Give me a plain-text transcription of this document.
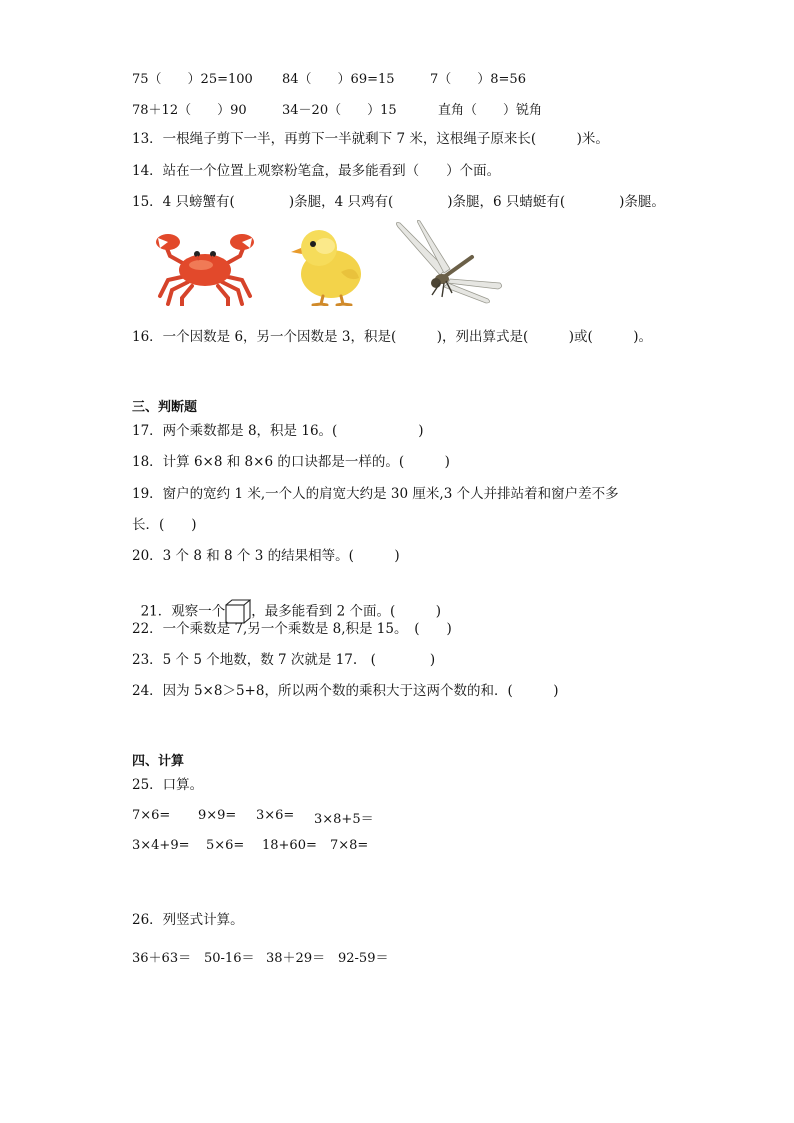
75（　　）25=100

84（　　）69=15

	7（　　）8=56

78＋12（　　）90

	34－20（　　）15

	直角（　　）锐角

13．一根绳子剪下一半，再剪下一半就剩下 7 米，这根绳子原来长(　　　)米。
14．站在一个位置上观察粉笔盒，最多能看到（　　）个面。
15．4 只螃蟹有(　　　　)条腿，4 只鸡有(　　　　)条腿，6 只蜻蜓有(　　　　)条腿。
16．一个因数是 6，另一个因数是 3，积是(　　　)，列出算式是(　　　)或(　　　)。
三、判断题
17．两个乘数都是 8，积是 16。(　　　　　　)
18．计算 6×8 和 8×6 的口诀都是一样的。(　　　)
19．窗户的宽约 1 米,一个人的肩宽大约是 30 厘米,3 个人并排站着和窗户差不多
长．(　　)
20．3 个 8 和 8 个 3 的结果相等。(　　　)

21．观察一个 ，最多能看到 2 个面。(　　　)

22．一个乘数是 7,另一个乘数是 8,积是 15。　(　　)
23．5 个 5 个地数，数 7 次就是 17.　(　　　　)
24．因为 5×8＞5+8，所以两个数的乘积大于这两个数的和．(　　　)
四、计算
25．口算。

7×6=

9×9=

3×6=

3×8+5＝

3×4+9=

5×6=

18+60=

7×8=

26．列竖式计算。

36＋63＝

50-16＝

38＋29＝

92-59＝
